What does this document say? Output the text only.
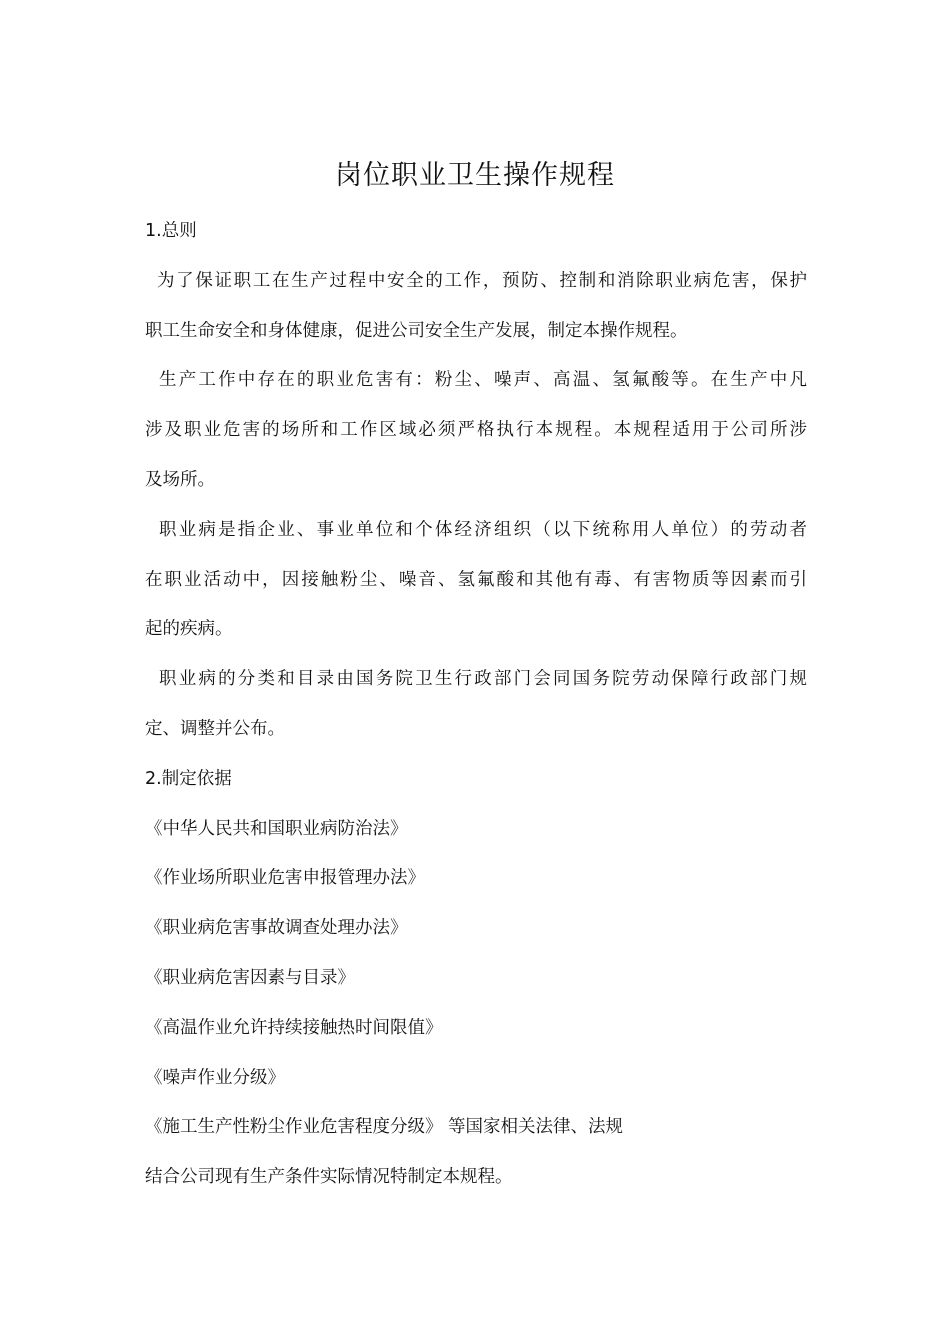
岗位职业卫生操作规程
1.总则
为了保证职工在生产过程中安全的工作，预防、控制和消除职业病危害，保护
职工生命安全和身体健康，促进公司安全生产发展，制定本操作规程。
生产工作中存在的职业危害有：粉尘、噪声、高温、氢氟酸等。在生产中凡
涉及职业危害的场所和工作区域必须严格执行本规程。本规程适用于公司所涉
及场所。
职业病是指企业、事业单位和个体经济组织（以下统称用人单位）的劳动者
在职业活动中，因接触粉尘、噪音、氢氟酸和其他有毒、有害物质等因素而引
起的疾病。
职业病的分类和目录由国务院卫生行政部门会同国务院劳动保障行政部门规
定、调整并公布。
2.制定依据
《中华人民共和国职业病防治法》
《作业场所职业危害申报管理办法》
《职业病危害事故调查处理办法》
《职业病危害因素与目录》
《高温作业允许持续接触热时间限值》
《噪声作业分级》
《施工生产性粉尘作业危害程度分级》 等国家相关法律、法规
结合公司现有生产条件实际情况特制定本规程。
